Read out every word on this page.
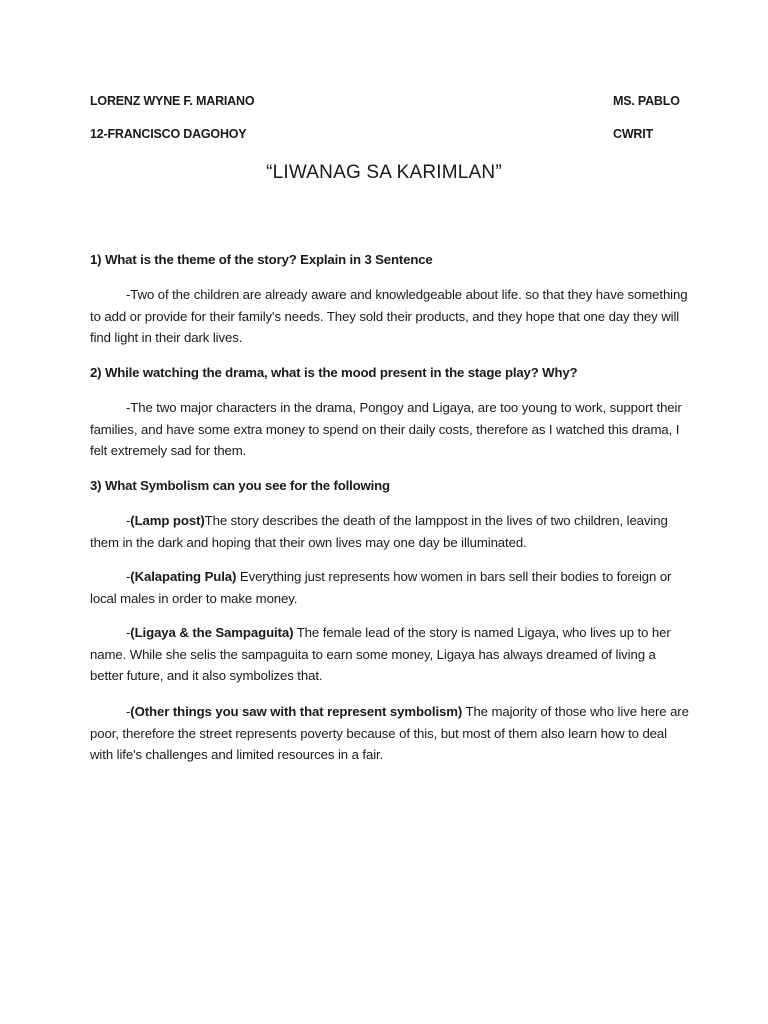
LORENZ WYNE F. MARIANO	MS. PABLO
12-FRANCISCO DAGOHOY	CWRIT
“LIWANAG SA KARIMLAN”
1) What is the theme of the story? Explain in 3 Sentence
-Two of the children are already aware and knowledgeable about life. so that they have something to add or provide for their family's needs. They sold their products, and they hope that one day they will find light in their dark lives.
2) While watching the drama, what is the mood present in the stage play? Why?
-The two major characters in the drama, Pongoy and Ligaya, are too young to work, support their families, and have some extra money to spend on their daily costs, therefore as I watched this drama, I felt extremely sad for them.
3) What Symbolism can you see for the following
-(Lamp post)The story describes the death of the lamppost in the lives of two children, leaving them in the dark and hoping that their own lives may one day be illuminated.
-(Kalapating Pula) Everything just represents how women in bars sell their bodies to foreign or local males in order to make money.
-(Ligaya & the Sampaguita) The female lead of the story is named Ligaya, who lives up to her name. While she selis the sampaguita to earn some money, Ligaya has always dreamed of living a better future, and it also symbolizes that.
-(Other things you saw with that represent symbolism) The majority of those who live here are poor, therefore the street represents poverty because of this, but most of them also learn how to deal with life's challenges and limited resources in a fair.
